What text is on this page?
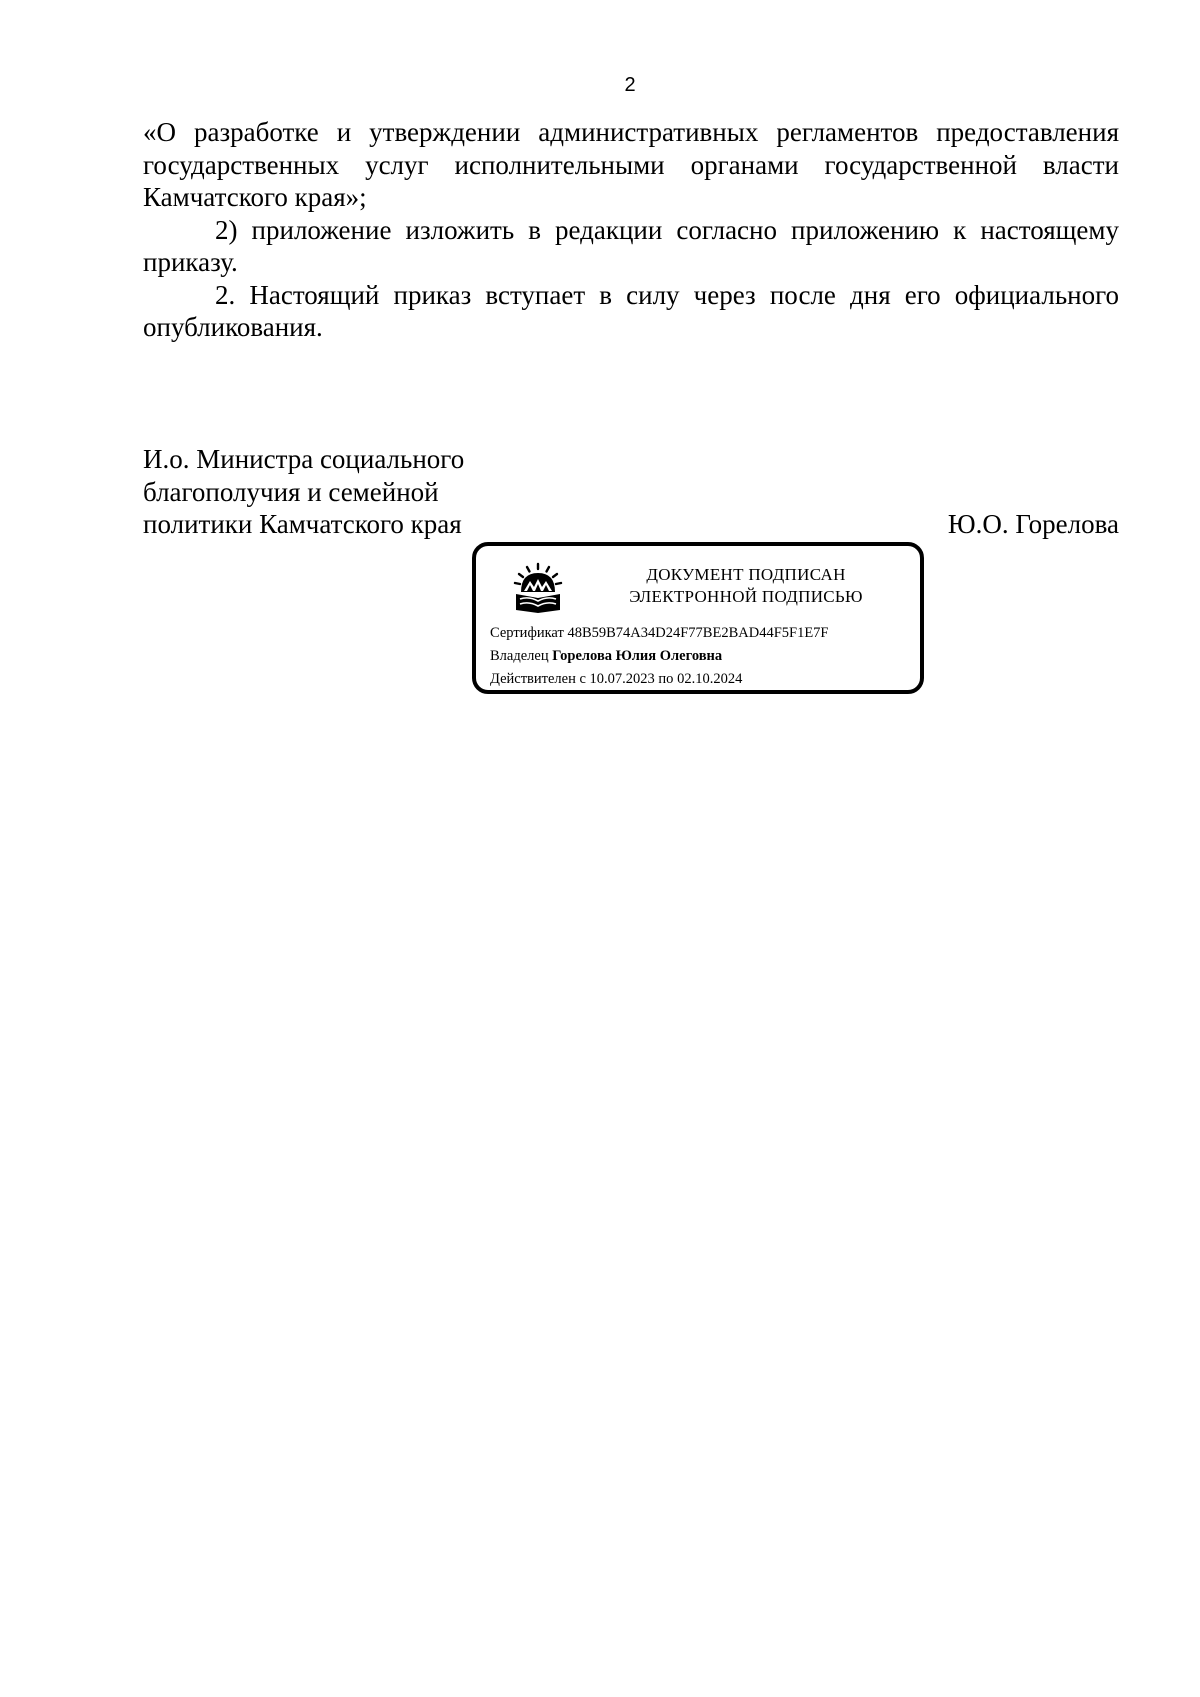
2

«О разработке и утверждении административных регламентов предоставления государственных услуг исполнительными органами государственной власти Камчатского края»;

2) приложение изложить в редакции согласно приложению к настоящему приказу.

2. Настоящий приказ вступает в силу через после дня его официального опубликования.

И.о. Министра социального
благополучия и семейной
политики Камчатского края	Ю.О. Горелова
ДОКУМЕНТ ПОДПИСАН
ЭЛЕКТРОННОЙ ПОДПИСЬЮ
Сертификат 48B59B74A34D24F77BE2BAD44F5F1E7F
Владелец Горелова Юлия Олеговна
Действителен с 10.07.2023 по 02.10.2024
